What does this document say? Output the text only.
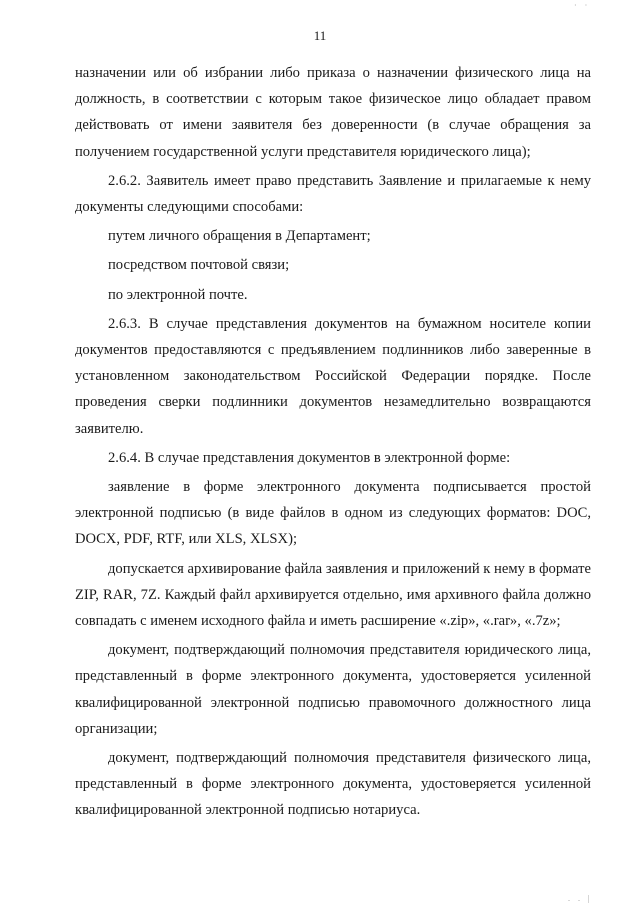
· ·
11

назначении или об избрании либо приказа о назначении физического лица на должность, в соответствии с которым такое физическое лицо обладает правом действовать от имени заявителя без доверенности (в случае обращения за получением государственной услуги представителя юридического лица);

2.6.2. Заявитель имеет право представить Заявление и прилагаемые к нему документы следующими способами:

путем личного обращения в Департамент;

посредством почтовой связи;

по электронной почте.

2.6.3. В случае представления документов на бумажном носителе копии документов предоставляются с предъявлением подлинников либо заверенные в установленном законодательством Российской Федерации порядке. После проведения сверки подлинники документов незамедлительно возвращаются заявителю.

2.6.4. В случае представления документов в электронной форме:

заявление в форме электронного документа подписывается простой электронной подписью (в виде файлов в одном из следующих форматов: DOC, DOCX, PDF, RTF, или XLS, XLSX);

допускается архивирование файла заявления и приложений к нему в формате ZIP, RAR, 7Z. Каждый файл архивируется отдельно, имя архивного файла должно совпадать с именем исходного файла и иметь расширение «.zip», «.rar», «.7z»;

документ, подтверждающий полномочия представителя юридического лица, представленный в форме электронного документа, удостоверяется усиленной квалифицированной электронной подписью правомочного должностного лица организации;

документ, подтверждающий полномочия представителя физического лица, представленный в форме электронного документа, удостоверяется усиленной квалифицированной электронной подписью нотариуса.

. . |
